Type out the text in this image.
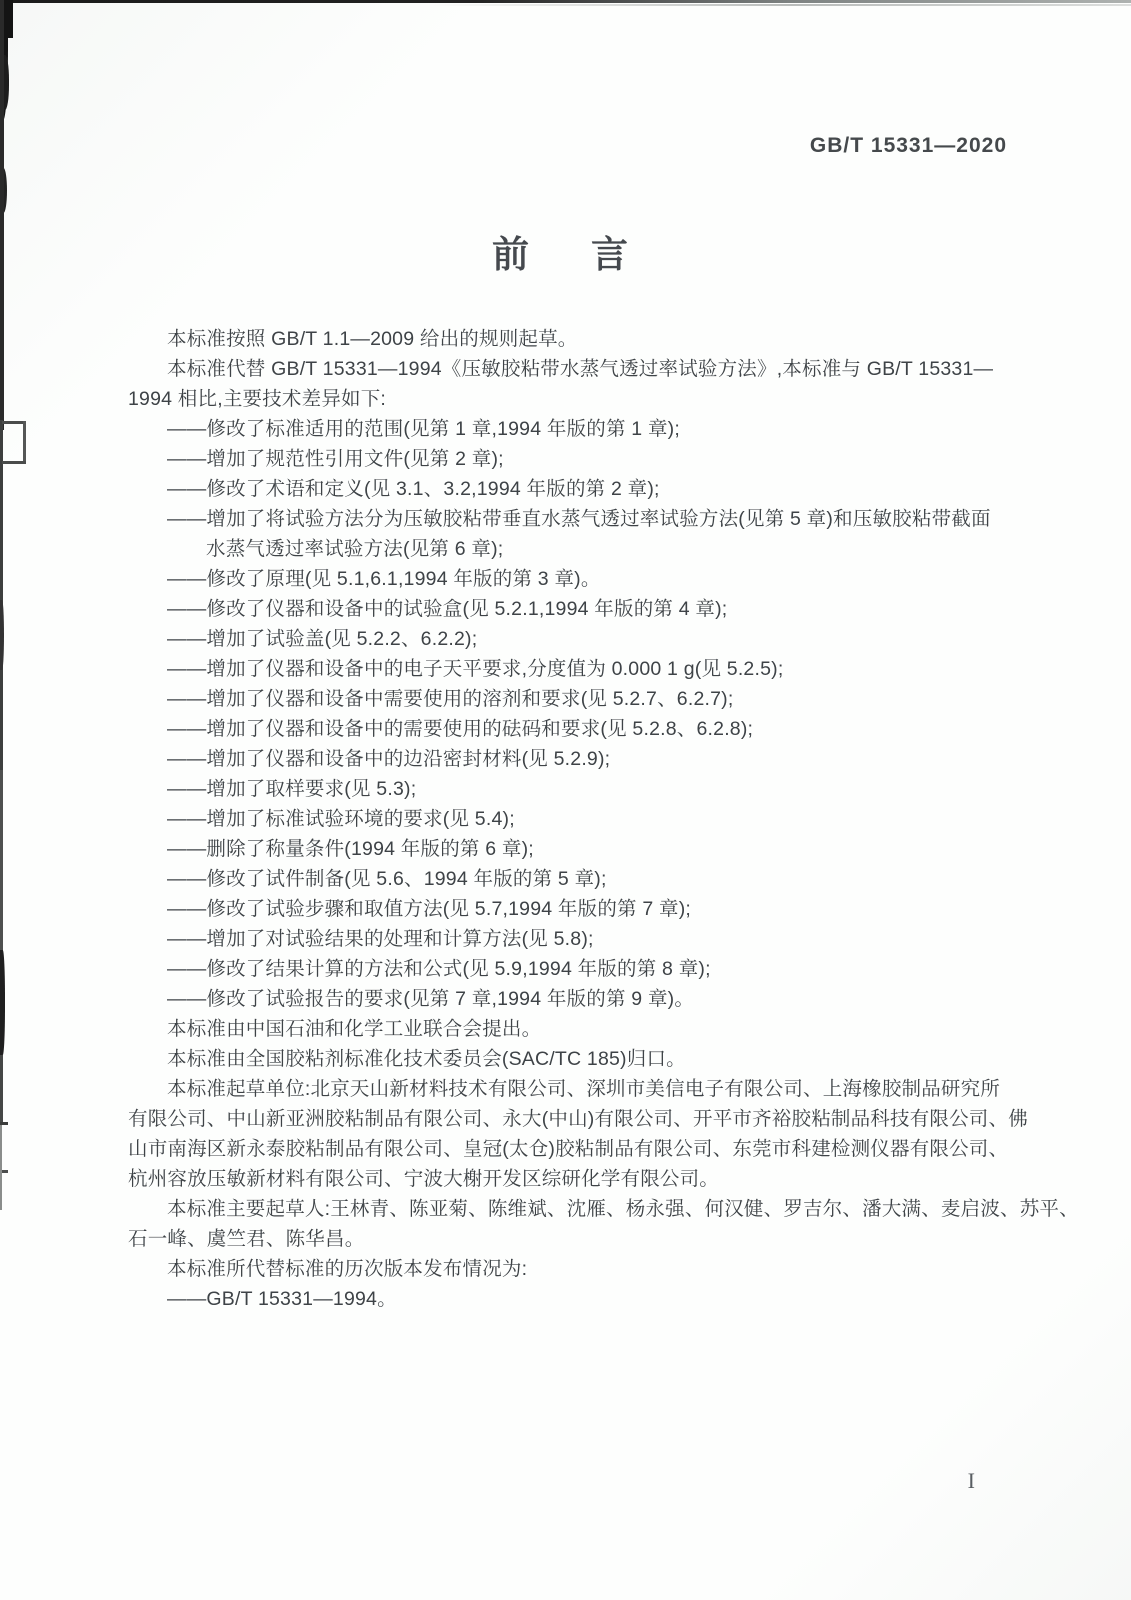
GB/T 15331—2020
前 言

本标准按照 GB/T 1.1—2009 给出的规则起草。

本标准代替 GB/T 15331—1994《压敏胶粘带水蒸气透过率试验方法》,本标准与 GB/T 15331—

1994 相比,主要技术差异如下:

——修改了标准适用的范围(见第 1 章,1994 年版的第 1 章);

——增加了规范性引用文件(见第 2 章);

——修改了术语和定义(见 3.1、3.2,1994 年版的第 2 章);

——增加了将试验方法分为压敏胶粘带垂直水蒸气透过率试验方法(见第 5 章)和压敏胶粘带截面

水蒸气透过率试验方法(见第 6 章);

——修改了原理(见 5.1,6.1,1994 年版的第 3 章)。

——修改了仪器和设备中的试验盒(见 5.2.1,1994 年版的第 4 章);

——增加了试验盖(见 5.2.2、6.2.2);

——增加了仪器和设备中的电子天平要求,分度值为 0.000 1 g(见 5.2.5);

——增加了仪器和设备中需要使用的溶剂和要求(见 5.2.7、6.2.7);

——增加了仪器和设备中的需要使用的砝码和要求(见 5.2.8、6.2.8);

——增加了仪器和设备中的边沿密封材料(见 5.2.9);

——增加了取样要求(见 5.3);

——增加了标准试验环境的要求(见 5.4);

——删除了称量条件(1994 年版的第 6 章);

——修改了试件制备(见 5.6、1994 年版的第 5 章);

——修改了试验步骤和取值方法(见 5.7,1994 年版的第 7 章);

——增加了对试验结果的处理和计算方法(见 5.8);

——修改了结果计算的方法和公式(见 5.9,1994 年版的第 8 章);

——修改了试验报告的要求(见第 7 章,1994 年版的第 9 章)。

本标准由中国石油和化学工业联合会提出。

本标准由全国胶粘剂标准化技术委员会(SAC/TC 185)归口。

本标准起草单位:北京天山新材料技术有限公司、深圳市美信电子有限公司、上海橡胶制品研究所

有限公司、中山新亚洲胶粘制品有限公司、永大(中山)有限公司、开平市齐裕胶粘制品科技有限公司、佛

山市南海区新永泰胶粘制品有限公司、皇冠(太仓)胶粘制品有限公司、东莞市科建检测仪器有限公司、

杭州容放压敏新材料有限公司、宁波大榭开发区综研化学有限公司。

本标准主要起草人:王林青、陈亚菊、陈维斌、沈雁、杨永强、何汉健、罗吉尔、潘大满、麦启波、苏平、

石一峰、虞竺君、陈华昌。

本标准所代替标准的历次版本发布情况为:

——GB/T 15331—1994。

I
